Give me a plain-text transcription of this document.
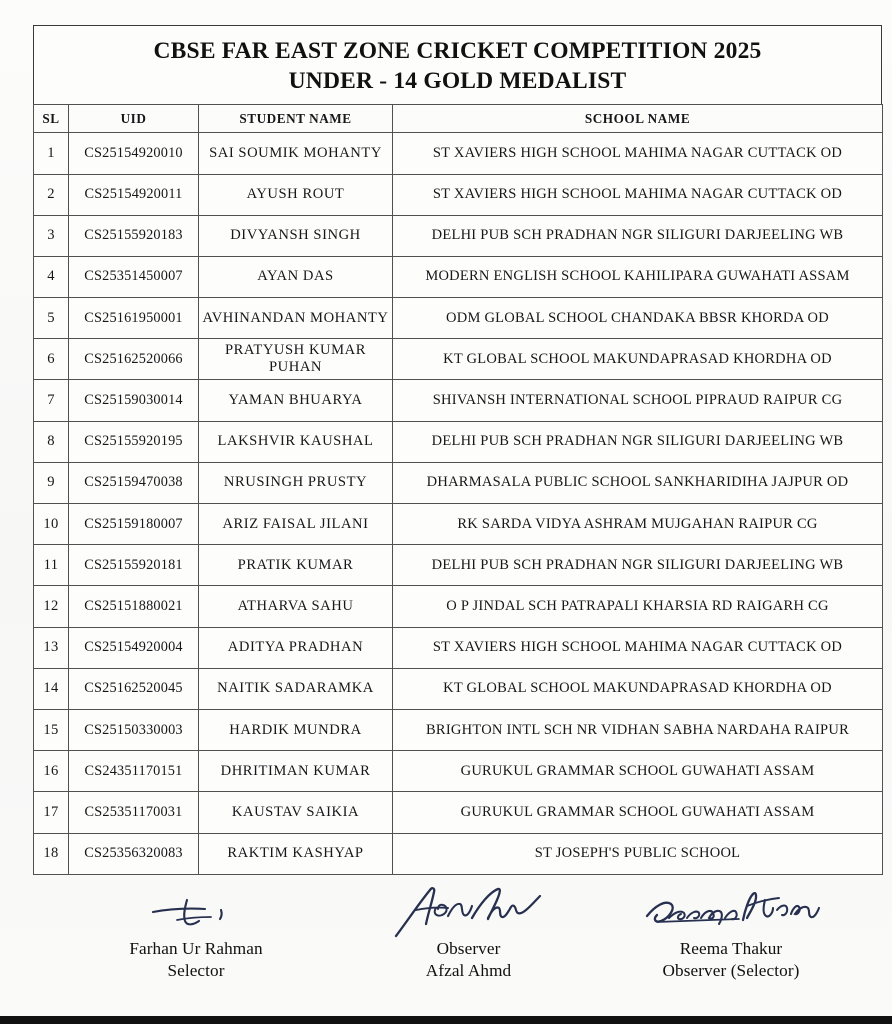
CBSE FAR EAST ZONE CRICKET COMPETITION 2025
UNDER - 14 GOLD MEDALIST
SL	UID	STUDENT NAME	SCHOOL NAME
1	CS25154920010	SAI SOUMIK MOHANTY	ST XAVIERS HIGH SCHOOL MAHIMA NAGAR CUTTACK OD
2	CS25154920011	AYUSH ROUT	ST XAVIERS HIGH SCHOOL MAHIMA NAGAR CUTTACK OD
3	CS25155920183	DIVYANSH SINGH	DELHI PUB SCH PRADHAN NGR SILIGURI DARJEELING WB
4	CS25351450007	AYAN DAS	MODERN ENGLISH SCHOOL KAHILIPARA GUWAHATI ASSAM
5	CS25161950001	AVHINANDAN MOHANTY	ODM GLOBAL SCHOOL CHANDAKA BBSR KHORDA OD
6	CS25162520066	PRATYUSH KUMAR PUHAN	KT GLOBAL SCHOOL MAKUNDAPRASAD KHORDHA OD
7	CS25159030014	YAMAN BHUARYA	SHIVANSH INTERNATIONAL SCHOOL PIPRAUD RAIPUR CG
8	CS25155920195	LAKSHVIR KAUSHAL	DELHI PUB SCH PRADHAN NGR SILIGURI DARJEELING WB
9	CS25159470038	NRUSINGH PRUSTY	DHARMASALA PUBLIC SCHOOL SANKHARIDIHA JAJPUR OD
10	CS25159180007	ARIZ FAISAL JILANI	RK SARDA VIDYA ASHRAM MUJGAHAN RAIPUR CG
11	CS25155920181	PRATIK KUMAR	DELHI PUB SCH PRADHAN NGR SILIGURI DARJEELING WB
12	CS25151880021	ATHARVA SAHU	O P JINDAL SCH PATRAPALI KHARSIA RD RAIGARH CG
13	CS25154920004	ADITYA PRADHAN	ST XAVIERS HIGH SCHOOL MAHIMA NAGAR CUTTACK OD
14	CS25162520045	NAITIK SADARAMKA	KT GLOBAL SCHOOL MAKUNDAPRASAD KHORDHA OD
15	CS25150330003	HARDIK MUNDRA	BRIGHTON INTL SCH NR VIDHAN SABHA NARDAHA RAIPUR
16	CS24351170151	DHRITIMAN KUMAR	GURUKUL GRAMMAR SCHOOL GUWAHATI ASSAM
17	CS25351170031	KAUSTAV SAIKIA	GURUKUL GRAMMAR SCHOOL GUWAHATI ASSAM
18	CS25356320083	RAKTIM KASHYAP	ST JOSEPH'S PUBLIC SCHOOL
Farhan Ur Rahman
Selector
Observer
Afzal Ahmd
Reema Thakur
Observer (Selector)
